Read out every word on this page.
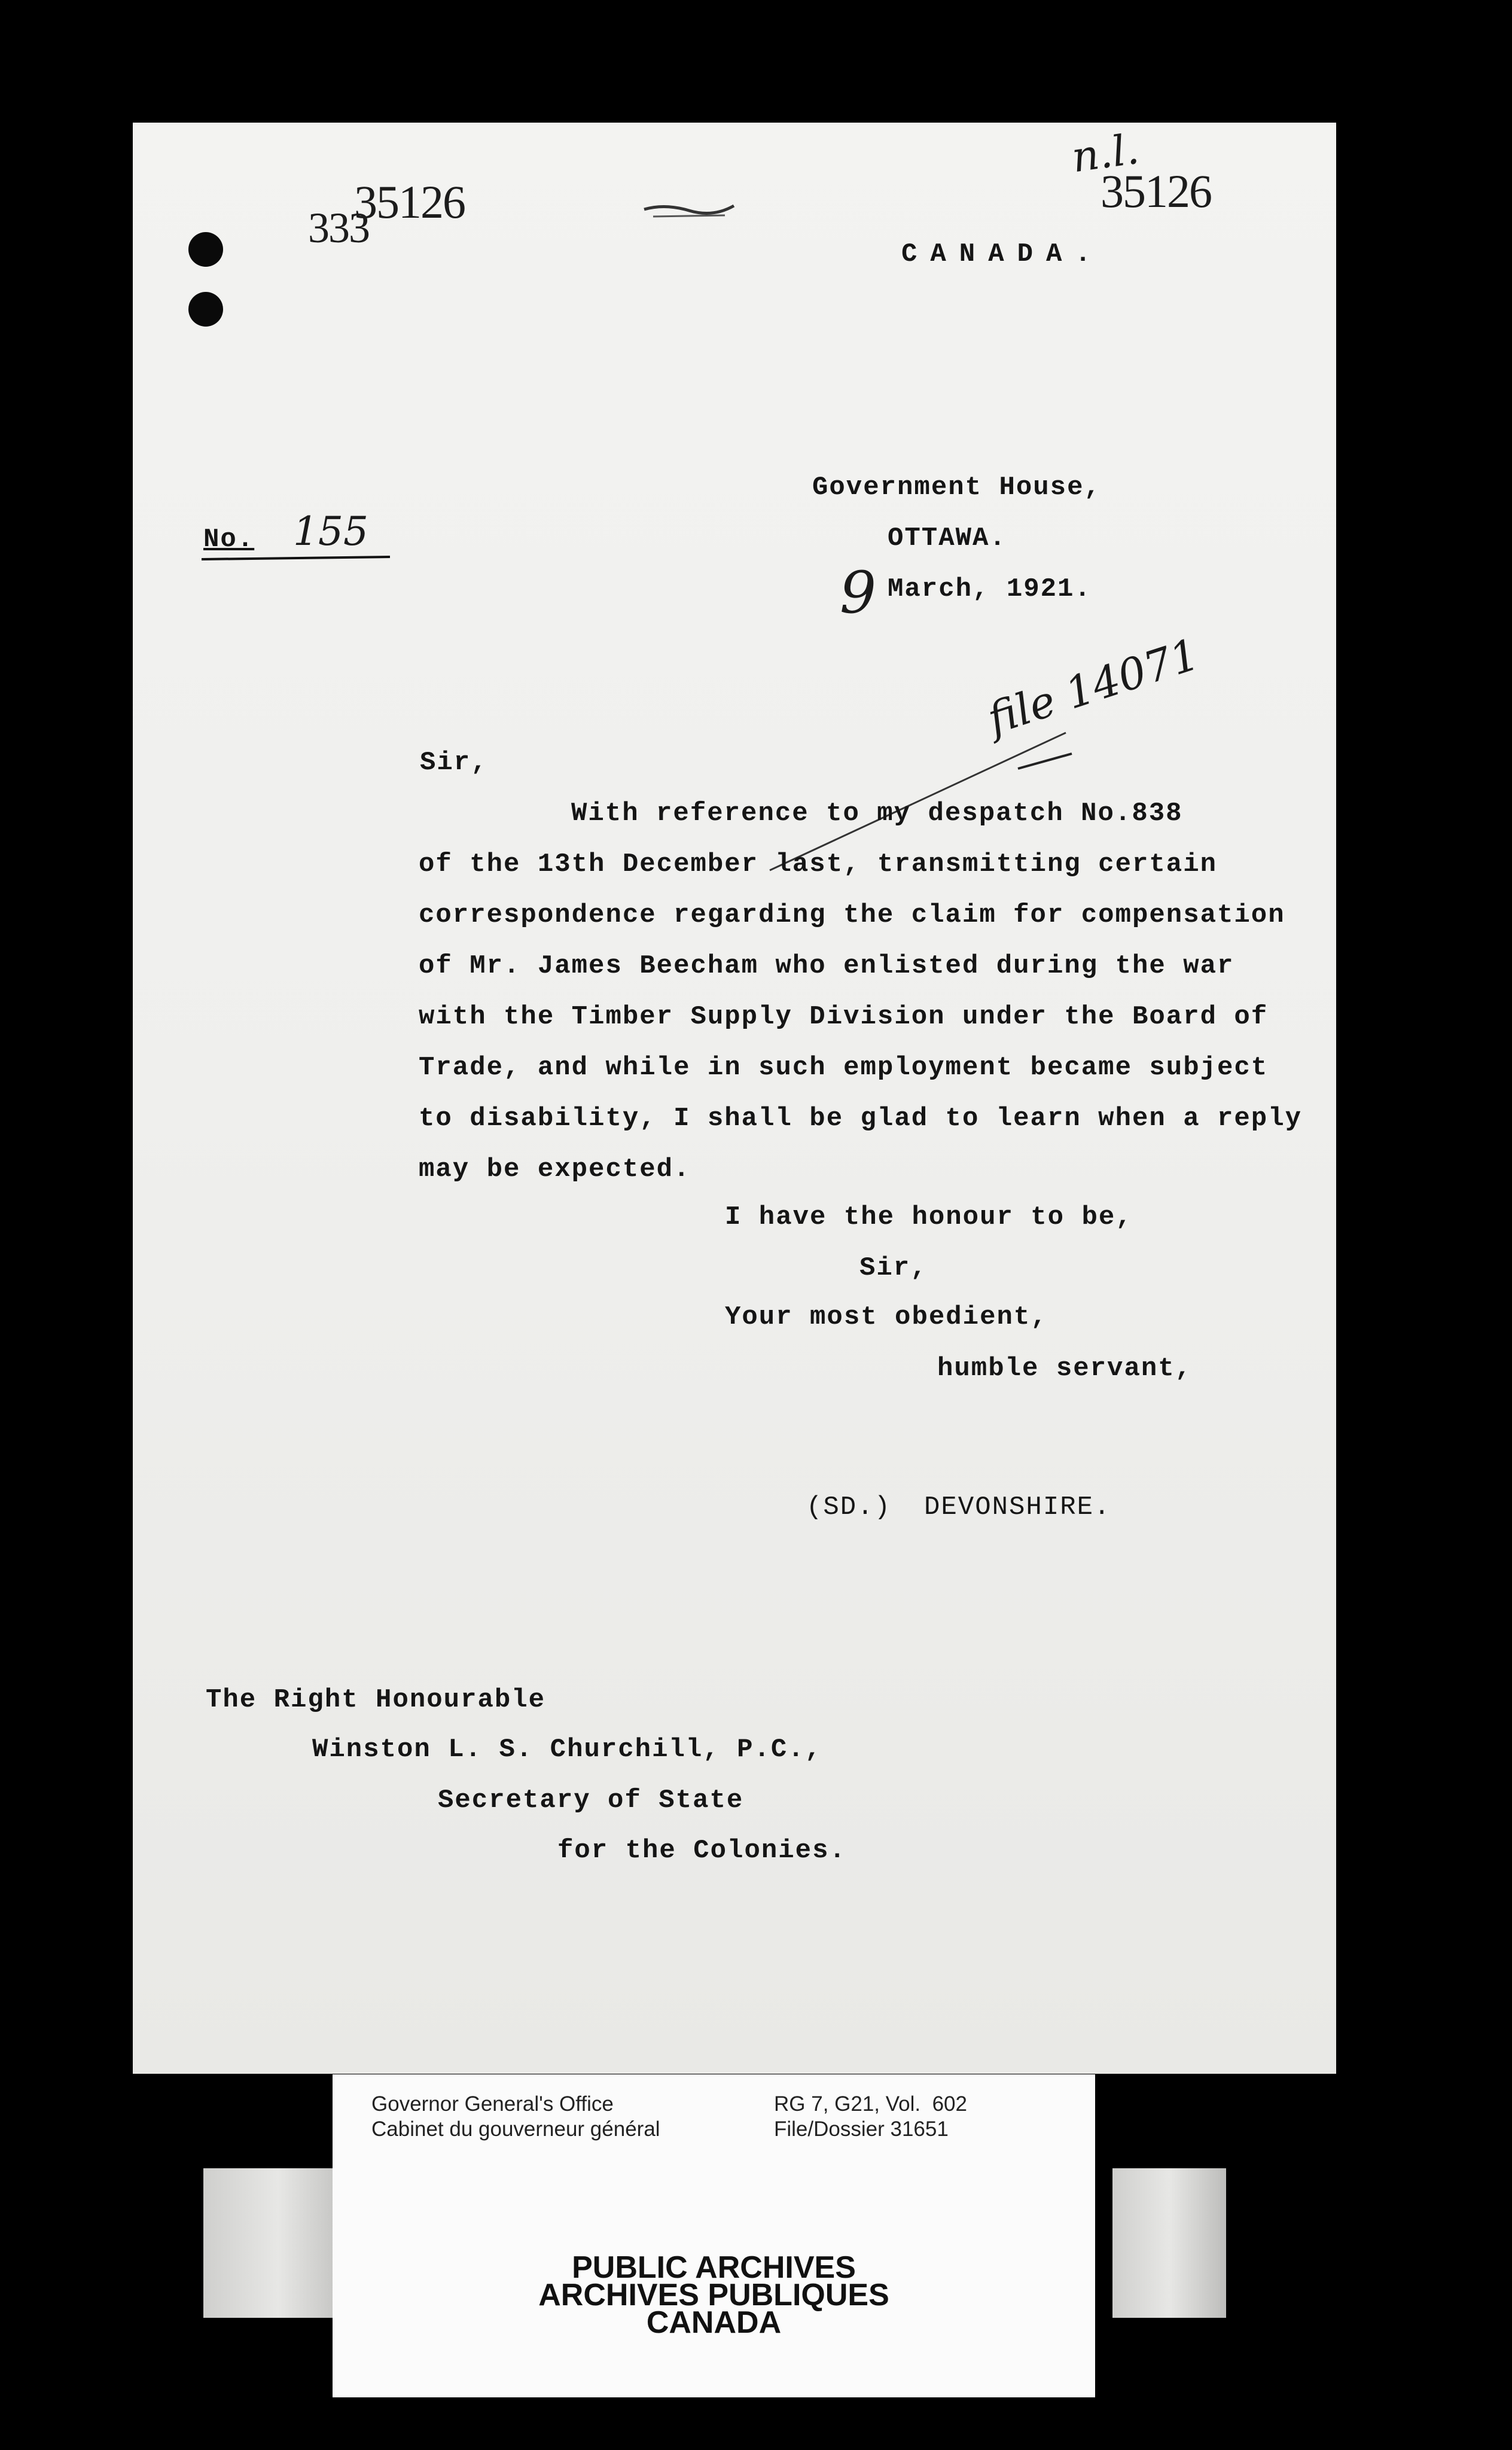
35126
333
35126
n.l.
CANADA.
Government House,
OTTAWA.
9 March, 1921.
No. 155
file 14071
Sir,
With reference to my despatch No.838
of the 13th December last, transmitting certain
correspondence regarding the claim for compensation
of Mr. James Beecham who enlisted during the war
with the Timber Supply Division under the Board of
Trade, and while in such employment became subject
to disability, I shall be glad to learn when a reply
may be expected.
I have the honour to be,
Sir,
Your most obedient,
humble servant,
(SD.) DEVONSHIRE.
The Right Honourable
Winston L. S. Churchill, P.C.,
Secretary of State
for the Colonies.
Governor General's Office
Cabinet du gouverneur général
RG 7, G21, Vol.  602
File/Dossier 31651
PUBLIC ARCHIVES
ARCHIVES PUBLIQUES
CANADA
